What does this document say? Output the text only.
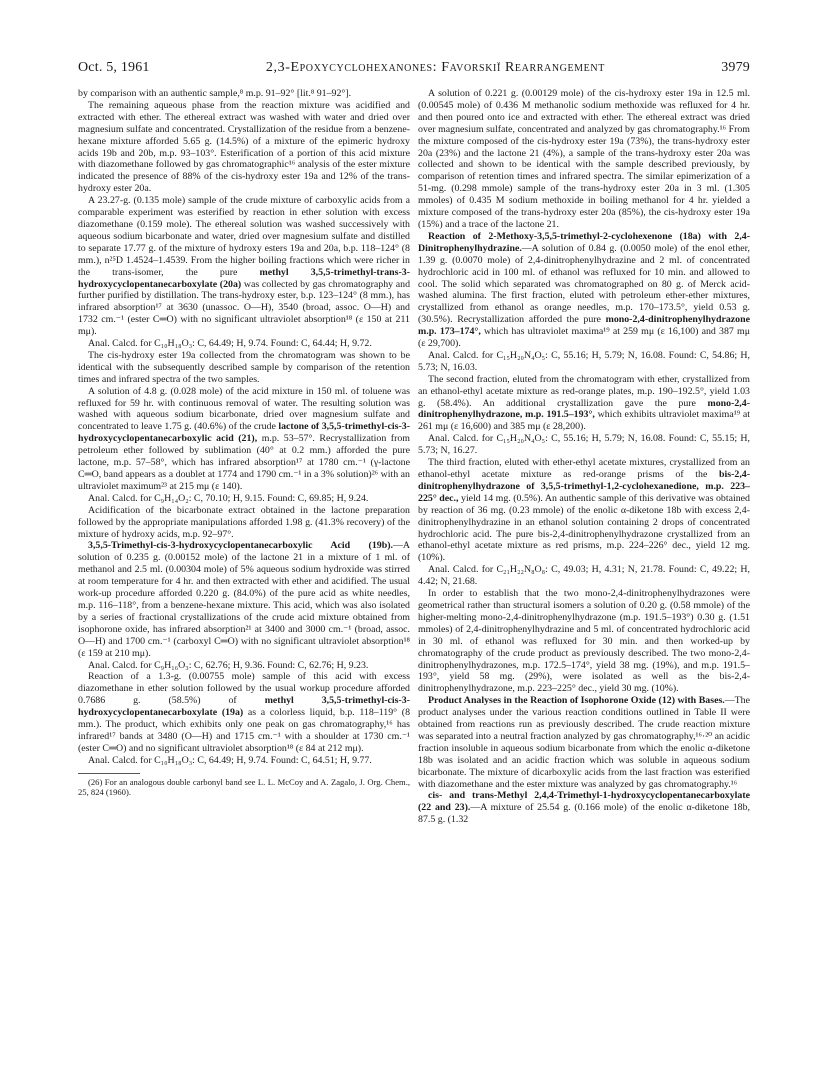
Oct. 5, 1961	2,3-Epoxycyclohexanones: Favorskiĭ Rearrangement	3979

by comparison with an authentic sample,⁸ m.p. 91–92° [lit.⁸ 91–92°].

The remaining aqueous phase from the reaction mixture was acidified and extracted with ether. The ethereal extract was washed with water and dried over magnesium sulfate and concentrated. Crystallization of the residue from a benzene-hexane mixture afforded 5.65 g. (14.5%) of a mixture of the epimeric hydroxy acids 19b and 20b, m.p. 93–103°. Esterification of a portion of this acid mixture with diazomethane followed by gas chromatographic¹⁶ analysis of the ester mixture indicated the presence of 88% of the cis-hydroxy ester 19a and 12% of the trans-hydroxy ester 20a.

A 23.27-g. (0.135 mole) sample of the crude mixture of carboxylic acids from a comparable experiment was esterified by reaction in ether solution with excess diazomethane (0.159 mole). The ethereal solution was washed successively with aqueous sodium bicarbonate and water, dried over magnesium sulfate and distilled to separate 17.77 g. of the mixture of hydroxy esters 19a and 20a, b.p. 118–124° (8 mm.), n²⁵D 1.4524–1.4539. From the higher boiling fractions which were richer in the trans-isomer, the pure methyl 3,5,5-trimethyl-trans-3-hydroxycyclopentanecarboxylate (20a) was collected by gas chromatography and further purified by distillation. The trans-hydroxy ester, b.p. 123–124° (8 mm.), has infrared absorption¹⁷ at 3630 (unassoc. O—H), 3540 (broad, assoc. O—H) and 1732 cm.⁻¹ (ester C═O) with no significant ultraviolet absorption¹⁸ (ε 150 at 211 mμ).

Anal. Calcd. for C₁₀H₁₈O₃: C, 64.49; H, 9.74. Found: C, 64.44; H, 9.72.

The cis-hydroxy ester 19a collected from the chromatogram was shown to be identical with the subsequently described sample by comparison of the retention times and infrared spectra of the two samples.

A solution of 4.8 g. (0.028 mole) of the acid mixture in 150 ml. of toluene was refluxed for 59 hr. with continuous removal of water. The resulting solution was washed with aqueous sodium bicarbonate, dried over magnesium sulfate and concentrated to leave 1.75 g. (40.6%) of the crude lactone of 3,5,5-trimethyl-cis-3-hydroxycyclopentanecarboxylic acid (21), m.p. 53–57°. Recrystallization from petroleum ether followed by sublimation (40° at 0.2 mm.) afforded the pure lactone, m.p. 57–58°, which has infrared absorption¹⁷ at 1780 cm.⁻¹ (γ-lactone C═O, band appears as a doublet at 1774 and 1790 cm.⁻¹ in a 3% solution)²⁶ with an ultraviolet maximum²³ at 215 mμ (ε 140).

Anal. Calcd. for C₉H₁₄O₂: C, 70.10; H, 9.15. Found: C, 69.85; H, 9.24.

Acidification of the bicarbonate extract obtained in the lactone preparation followed by the appropriate manipulations afforded 1.98 g. (41.3% recovery) of the mixture of hydroxy acids, m.p. 92–97°.

3,5,5-Trimethyl-cis-3-hydroxycyclopentanecarboxylic Acid (19b).—A solution of 0.235 g. (0.00152 mole) of the lactone 21 in a mixture of 1 ml. of methanol and 2.5 ml. (0.00304 mole) of 5% aqueous sodium hydroxide was stirred at room temperature for 4 hr. and then extracted with ether and acidified. The usual work-up procedure afforded 0.220 g. (84.0%) of the pure acid as white needles, m.p. 116–118°, from a benzene-hexane mixture. This acid, which was also isolated by a series of fractional crystallizations of the crude acid mixture obtained from isophorone oxide, has infrared absorption²¹ at 3400 and 3000 cm.⁻¹ (broad, assoc. O—H) and 1700 cm.⁻¹ (carboxyl C═O) with no significant ultraviolet absorption¹⁸ (ε 159 at 210 mμ).

Anal. Calcd. for C₉H₁₆O₃: C, 62.76; H, 9.36. Found: C, 62.76; H, 9.23.

Reaction of a 1.3-g. (0.00755 mole) sample of this acid with excess diazomethane in ether solution followed by the usual workup procedure afforded 0.7686 g. (58.5%) of	methyl 3,5,5-trimethyl-cis-3-hydroxycyclopentanecarboxylate (19a) as a colorless liquid, b.p. 118–119° (8 mm.). The product, which exhibits only one peak on gas chromatography,¹⁶ has infrared¹⁷ bands at 3480 (O—H) and 1715 cm.⁻¹ with a shoulder at 1730 cm.⁻¹ (ester C═O) and no significant ultraviolet absorption¹⁸ (ε 84 at 212 mμ).

Anal. Calcd. for C₁₀H₁₈O₃: C, 64.49; H, 9.74. Found: C, 64.51; H, 9.77.

(26) For an analogous double carbonyl band see L. L. McCoy and A. Zagalo, J. Org. Chem., 25, 824 (1960).

A solution of 0.221 g. (0.00129 mole) of the cis-hydroxy ester 19a in 12.5 ml. (0.00545 mole) of 0.436 M methanolic sodium methoxide was refluxed for 4 hr. and then poured onto ice and extracted with ether. The ethereal extract was dried over magnesium sulfate, concentrated and analyzed by gas chromatography.¹⁶ From the mixture composed of the cis-hydroxy ester 19a (73%), the trans-hydroxy ester 20a (23%) and the lactone 21 (4%), a sample of the trans-hydroxy ester 20a was collected and shown to be identical with the sample described previously, by comparison of retention times and infrared spectra. The similar epimerization of a 51-mg. (0.298 mmole) sample of the trans-hydroxy ester 20a in 3 ml. (1.305 mmoles) of 0.435 M sodium methoxide in boiling methanol for 4 hr. yielded a mixture composed of the trans-hydroxy ester 20a (85%), the cis-hydroxy ester 19a (15%) and a trace of the lactone 21.

Reaction of 2-Methoxy-3,5,5-trimethyl-2-cyclohexenone (18a) with 2,4-Dinitrophenylhydrazine.—A solution of 0.84 g. (0.0050 mole) of the enol ether, 1.39 g. (0.0070 mole) of 2,4-dinitrophenylhydrazine and 2 ml. of concentrated hydrochloric acid in 100 ml. of ethanol was refluxed for 10 min. and allowed to cool. The solid which separated was chromatographed on 80 g. of Merck acid-washed alumina. The first fraction, eluted with petroleum ether-ether mixtures, crystallized from ethanol as orange needles, m.p. 170–173.5°, yield 0.53 g. (30.5%). Recrystallization afforded the pure mono-2,4-dinitrophenylhydrazone m.p. 173–174°, which has ultraviolet maxima¹⁹ at 259 mμ (ε 16,100) and 387 mμ (ε 29,700).

Anal. Calcd. for C₁₅H₂₀N₄O₅: C, 55.16; H, 5.79; N, 16.08. Found: C, 54.86; H, 5.73; N, 16.03.

The second fraction, eluted from the chromatogram with ether, crystallized from an ethanol-ethyl acetate mixture as red-orange plates, m.p. 190–192.5°, yield 1.03 g. (58.4%). An additional crystallization gave the pure mono-2,4-dinitrophenylhydrazone, m.p. 191.5–193°, which exhibits ultraviolet maxima¹⁹ at 261 mμ (ε 16,600) and 385 mμ (ε 28,200).

Anal. Calcd. for C₁₅H₂₀N₄O₅: C, 55.16; H, 5.79; N, 16.08. Found: C, 55.15; H, 5.73; N, 16.27.

The third fraction, eluted with ether-ethyl acetate mixtures, crystallized from an ethanol-ethyl acetate mixture as red-orange prisms of the bis-2,4-dinitrophenylhydrazone of 3,5,5-trimethyl-1,2-cyclohexanedione, m.p. 223–225° dec., yield 14 mg. (0.5%). An authentic sample of this derivative was obtained by reaction of 36 mg. (0.23 mmole) of the enolic α-diketone 18b with excess 2,4-dinitrophenylhydrazine in an ethanol solution containing 2 drops of concentrated hydrochloric acid. The pure bis-2,4-dinitrophenylhydrazone crystallized from an ethanol-ethyl acetate mixture as red prisms, m.p. 224–226° dec., yield 12 mg. (10%).

Anal. Calcd. for C₂₁H₂₂N₈O₈: C, 49.03; H, 4.31; N, 21.78. Found: C, 49.22; H, 4.42; N, 21.68.

In order to establish that the two mono-2,4-dinitrophenylhydrazones were geometrical rather than structural isomers a solution of 0.20 g. (0.58 mmole) of the higher-melting mono-2,4-dinitrophenylhydrazone (m.p. 191.5–193°) 0.30 g. (1.51 mmoles) of 2,4-dinitrophenylhydrazine and 5 ml. of concentrated hydrochloric acid in 30 ml. of ethanol was refluxed for 30 min. and then worked-up by chromatography of the crude product as previously described. The two mono-2,4-dinitrophenylhydrazones, m.p. 172.5–174°, yield 38 mg. (19%), and m.p. 191.5–193°, yield 58 mg. (29%), were isolated as well as the bis-2,4-dinitrophenylhydrazone, m.p. 223–225° dec., yield 30 mg. (10%).

Product Analyses in the Reaction of Isophorone Oxide (12) with Bases.—The product analyses under the various reaction conditions outlined in Table II were obtained from reactions run as previously described. The crude reaction mixture was separated into a neutral fraction analyzed by gas chromatography,¹⁶·²⁰ an acidic fraction insoluble in aqueous sodium bicarbonate from which the enolic α-diketone 18b was isolated and an acidic fraction which was soluble in aqueous sodium bicarbonate. The mixture of dicarboxylic acids from the last fraction was esterified with diazomethane and the ester mixture was analyzed by gas chromatography.¹⁶

cis- and trans-Methyl 2,4,4-Trimethyl-1-hydroxycyclopentanecarboxylate (22 and 23).—A mixture of 25.54 g. (0.166 mole) of the enolic α-diketone 18b, 87.5 g. (1.32
